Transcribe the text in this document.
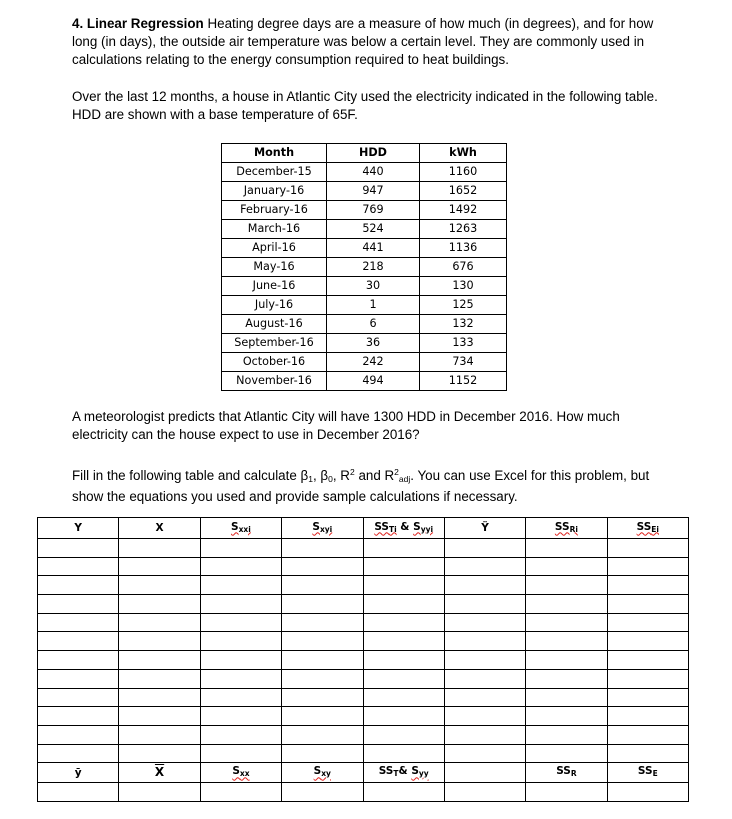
4. Linear Regression Heating degree days are a measure of how much (in degrees), and for how long (in days), the outside air temperature was below a certain level. They are commonly used in calculations relating to the energy consumption required to heat buildings.

Over the last 12 months, a house in Atlantic City used the electricity indicated in the following table. HDD are shown with a base temperature of 65F.

Month	HDD	kWh
December-15	440	1160
January-16	947	1652
February-16	769	1492
March-16	524	1263
April-16	441	1136
May-16	218	676
June-16	30	130
July-16	1	125
August-16	6	132
September-16	36	133
October-16	242	734
November-16	494	1152

A meteorologist predicts that Atlantic City will have 1300 HDD in December 2016. How much electricity can the house expect to use in December 2016?

Fill in the following table and calculate $\beta_1$, $\beta_0$, $R^2$ and $R^2_{adj}$. You can use Excel for this problem, but show the equations you used and provide sample calculations if necessary.

Y	X	$S_{xxi}$	$S_{xyi}$	$SS_{Ti}$ & $S_{yyi}$	Ÿ	$SS_{Ri}$	$SS_{Ei}$

ȳ	$\overline{X}$	$S_{xx}$	$S_{xy}$	$SS_T\&$ $S_{yy}$		$SS_R$	$SS_E$
